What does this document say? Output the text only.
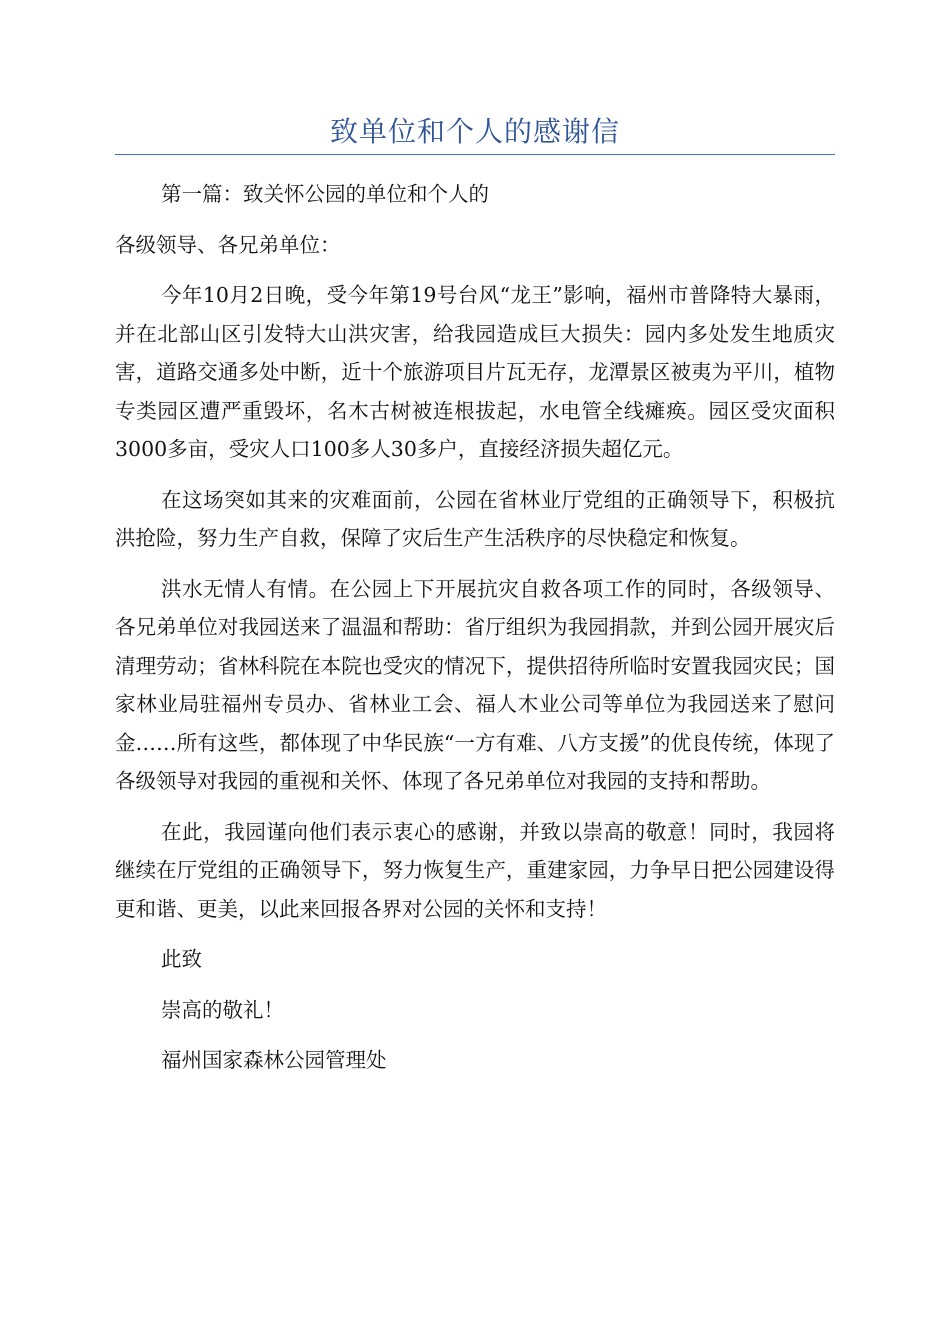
致单位和个人的感谢信

第一篇：致关怀公园的单位和个人的

各级领导、各兄弟单位：

今年10月2日晚，受今年第19号台风“龙王”影响，福州市普降特大暴雨，并在北部山区引发特大山洪灾害，给我园造成巨大损失：园内多处发生地质灾害，道路交通多处中断，近十个旅游项目片瓦无存，龙潭景区被夷为平川，植物专类园区遭严重毁坏，名木古树被连根拔起，水电管全线瘫痪。园区受灾面积3000多亩，受灾人口100多人30多户，直接经济损失超亿元。

在这场突如其来的灾难面前，公园在省林业厅党组的正确领导下，积极抗洪抢险，努力生产自救，保障了灾后生产生活秩序的尽快稳定和恢复。

洪水无情人有情。在公园上下开展抗灾自救各项工作的同时，各级领导、各兄弟单位对我园送来了温温和帮助：省厅组织为我园捐款，并到公园开展灾后清理劳动；省林科院在本院也受灾的情况下，提供招待所临时安置我园灾民；国家林业局驻福州专员办、省林业工会、福人木业公司等单位为我园送来了慰问金……所有这些，都体现了中华民族“一方有难、八方支援”的优良传统，体现了各级领导对我园的重视和关怀、体现了各兄弟单位对我园的支持和帮助。

在此，我园谨向他们表示衷心的感谢，并致以崇高的敬意！同时，我园将继续在厅党组的正确领导下，努力恢复生产，重建家园，力争早日把公园建设得更和谐、更美，以此来回报各界对公园的关怀和支持！

此致

崇高的敬礼！

福州国家森林公园管理处
